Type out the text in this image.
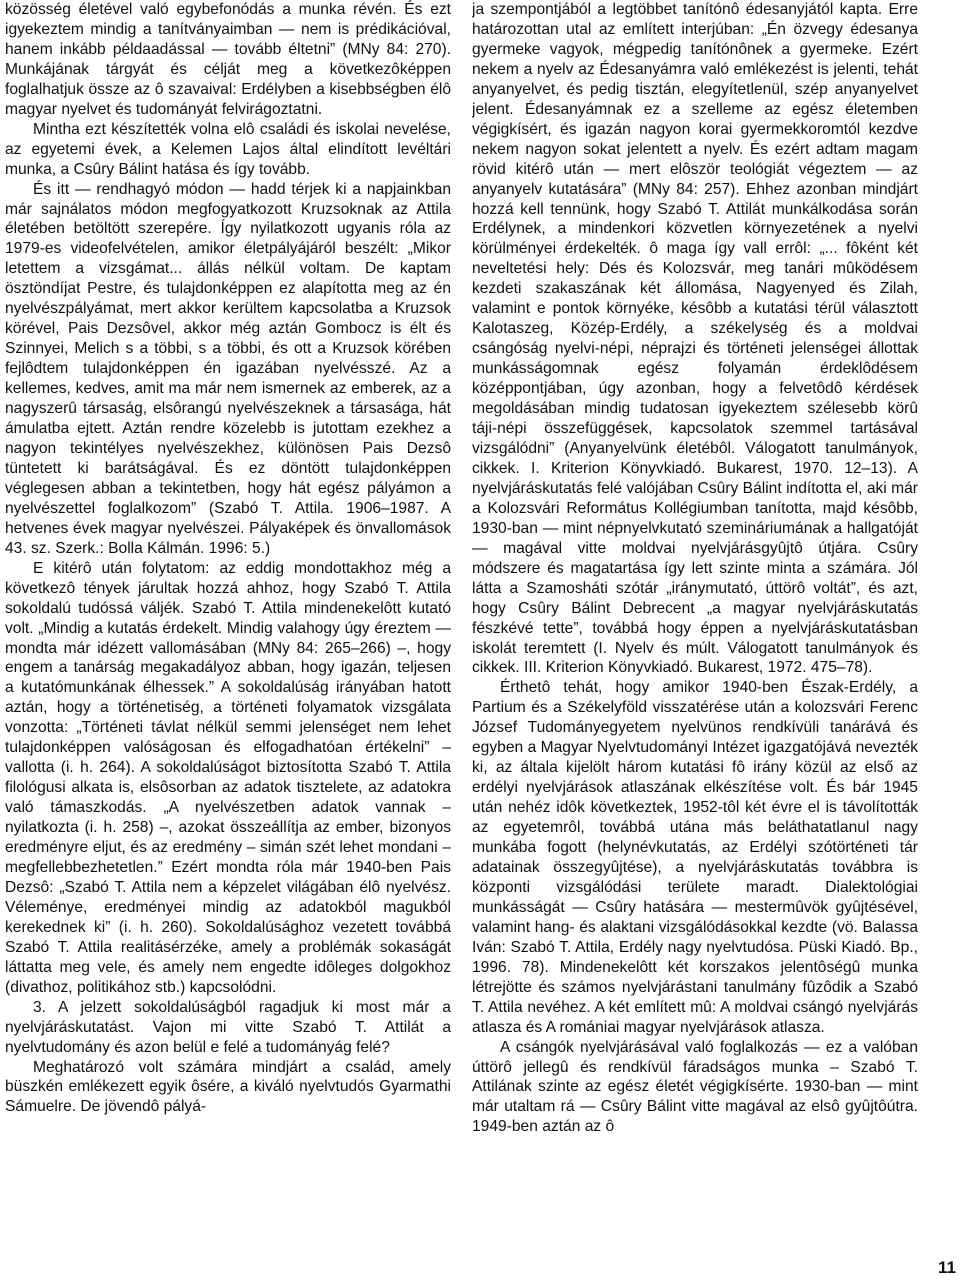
közösség életével való egybefonódás a munka révén. És ezt igyekeztem mindig a tanítványaimban — nem is prédikációval, hanem inkább példaadással — tovább éltetni” (MNy 84: 270). Munkájának tárgyát és célját meg a következôképpen foglalhatjuk össze az ô szavaival: Erdélyben a kisebbségben élô magyar nyelvet és tudományát felvirágoztatni.

Mintha ezt készítették volna elô családi és iskolai nevelése, az egyetemi évek, a Kelemen Lajos által elindított levéltári munka, a Csûry Bálint hatása és így tovább.

És itt — rendhagyó módon — hadd térjek ki a napjainkban már sajnálatos módon megfogyatkozott Kruzsoknak az Attila életében betöltött szerepére. Így nyilatkozott ugyanis róla az 1979-es videofelvételen, amikor életpályájáról beszélt: „Mikor letettem a vizsgámat... állás nélkül voltam. De kaptam ösztöndíjat Pestre, és tulajdonképpen ez alapította meg az én nyelvészpályámat, mert akkor kerültem kapcsolatba a Kruzsok körével, Pais Dezsôvel, akkor még aztán Gombocz is élt és Szinnyei, Melich s a többi, s a többi, és ott a Kruzsok körében fejlôdtem tulajdonképpen én igazában nyelvésszé. Az a kellemes, kedves, amit ma már nem ismernek az emberek, az a nagyszerû társaság, elsôrangú nyelvészeknek a társasága, hát ámulatba ejtett. Aztán rendre közelebb is jutottam ezekhez a nagyon tekintélyes nyelvészekhez, különösen Pais Dezsô tüntetett ki barátságával. És ez döntött tulajdonképpen véglegesen abban a tekintetben, hogy hát egész pályámon a nyelvészettel foglalkozom” (Szabó T. Attila. 1906–1987. A hetvenes évek magyar nyelvészei. Pályaképek és önvallomások 43. sz. Szerk.: Bolla Kálmán. 1996: 5.)

E kitérô után folytatom: az eddig mondottakhoz még a következô tények járultak hozzá ahhoz, hogy Szabó T. Attila sokoldalú tudóssá váljék. Szabó T. Attila mindenekelôtt kutató volt. „Mindig a kutatás érdekelt. Mindig valahogy úgy éreztem — mondta már idézett vallomásában (MNy 84: 265–266) –, hogy engem a tanárság megakadályoz abban, hogy igazán, teljesen a kutatómunkának élhessek.” A sokoldalúság irányában hatott aztán, hogy a történetiség, a történeti folyamatok vizsgálata vonzotta: „Történeti távlat nélkül semmi jelenséget nem lehet tulajdonképpen valóságosan és elfogadhatóan értékelni” – vallotta (i. h. 264). A sokoldalúságot biztosította Szabó T. Attila filológusi alkata is, elsôsorban az adatok tisztelete, az adatokra való támaszkodás. „A nyelvészetben adatok vannak – nyilatkozta (i. h. 258) –, azokat összeállítja az ember, bizonyos eredményre eljut, és az eredmény – simán szét lehet mondani – megfellebbezhetetlen.” Ezért mondta róla már 1940-ben Pais Dezsô: „Szabó T. Attila nem a képzelet világában élô nyelvész. Véleménye, eredményei mindig az adatokból magukból kerekednek ki” (i. h. 260). Sokoldalúsághoz vezetett továbbá Szabó T. Attila realitásérzéke, amely a problémák sokaságát láttatta meg vele, és amely nem engedte idôleges dolgokhoz (divathoz, politikához stb.) kapcsolódni.

3. A jelzett sokoldalúságból ragadjuk ki most már a nyelvjáráskutatást. Vajon mi vitte Szabó T. Attilát a nyelvtudomány és azon belül e felé a tudományág felé?

Meghatározó volt számára mindjárt a család, amely büszkén emlékezett egyik ôsére, a kiváló nyelvtudós Gyarmathi Sámuelre. De jövendô pályá-

ja szempontjából a legtöbbet tanítónô édesanyjától kapta. Erre határozottan utal az említett interjúban: „Én özvegy édesanya gyermeke vagyok, mégpedig tanítónônek a gyermeke. Ezért nekem a nyelv az Édesanyámra való emlékezést is jelenti, tehát anyanyelvet, és pedig tisztán, elegyítetlenül, szép anyanyelvet jelent. Édesanyámnak ez a szelleme az egész életemben végigkísért, és igazán nagyon korai gyermekkoromtól kezdve nekem nagyon sokat jelentett a nyelv. És ezért adtam magam rövid kitérô után — mert elôször teológiát végeztem — az anyanyelv kutatására” (MNy 84: 257). Ehhez azonban mindjárt hozzá kell tennünk, hogy Szabó T. Attilát munkálkodása során Erdélynek, a mindenkori közvetlen környezetének a nyelvi körülményei érdekelték. ô maga így vall errôl: „... fôként két neveltetési hely: Dés és Kolozsvár, meg tanári mûködésem kezdeti szakaszának két állomása, Nagyenyed és Zilah, valamint e pontok környéke, késôbb a kutatási térül választott Kalotaszeg, Közép-Erdély, a székelység és a moldvai csángóság nyelvi-népi, néprajzi és történeti jelenségei állottak munkásságomnak egész folyamán érdeklôdésem középpontjában, úgy azonban, hogy a felvetôdô kérdések megoldásában mindig tudatosan igyekeztem szélesebb körû táji-népi összefüggések, kapcsolatok szemmel tartásával vizsgálódni” (Anyanyelvünk életébôl. Válogatott tanulmányok, cikkek. I. Kriterion Könyvkiadó. Bukarest, 1970. 12–13). A nyelvjáráskutatás felé valójában Csûry Bálint indította el, aki már a Kolozsvári Református Kollégiumban tanította, majd késôbb, 1930-ban — mint népnyelvkutató szemináriumának a hallgatóját — magával vitte moldvai nyelvjárásgyûjtô útjára. Csûry módszere és magatartása így lett szinte minta a számára. Jól látta a Szamosháti szótár „iránymutató, úttörô voltát”, és azt, hogy Csûry Bálint Debrecent „a magyar nyelvjáráskutatás fészkévé tette”, továbbá hogy éppen a nyelvjáráskutatásban iskolát teremtett (I. Nyelv és múlt. Válogatott tanulmányok és cikkek. III. Kriterion Könyvkiadó. Bukarest, 1972. 475–78).

Érthetô tehát, hogy amikor 1940-ben Észak-Erdély, a Partium és a Székelyföld visszatérése után a kolozsvári Ferenc József Tudományegyetem nyelvünos rendkívüli tanárává és egyben a Magyar Nyelvtudományi Intézet igazgatójává nevezték ki, az általa kijelölt három kutatási fô irány közül az első az erdélyi nyelvjárások atlaszának elkészítése volt. És bár 1945 után nehéz idôk következtek, 1952-tôl két évre el is távolították az egyetemrôl, továbbá utána más beláthatatlanul nagy munkába fogott (helynévkutatás, az Erdélyi szótörténeti tár adatainak összegyûjtése), a nyelvjáráskutatás továbbra is központi vizsgálódási területe maradt. Dialektológiai munkásságát — Csûry hatására — mestermûvök gyûjtésével, valamint hang- és alaktani vizsgálódásokkal kezdte (vö. Balassa Iván: Szabó T. Attila, Erdély nagy nyelvtudósa. Püski Kiadó. Bp., 1996. 78). Mindenekelôtt két korszakos jelentôségû munka létrejötte és számos nyelvjárástani tanulmány fûzôdik a Szabó T. Attila nevéhez. A két említett mû: A moldvai csángó nyelvjárás atlasza és A romániai magyar nyelvjárások atlasza.

A csángók nyelvjárásával való foglalkozás — ez a valóban úttörô jellegû és rendkívül fáradságos munka – Szabó T. Attilának szinte az egész életét végigkísérte. 1930-ban — mint már utaltam rá — Csûry Bálint vitte magával az elsô gyûjtôútra. 1949-ben aztán az ô

11
